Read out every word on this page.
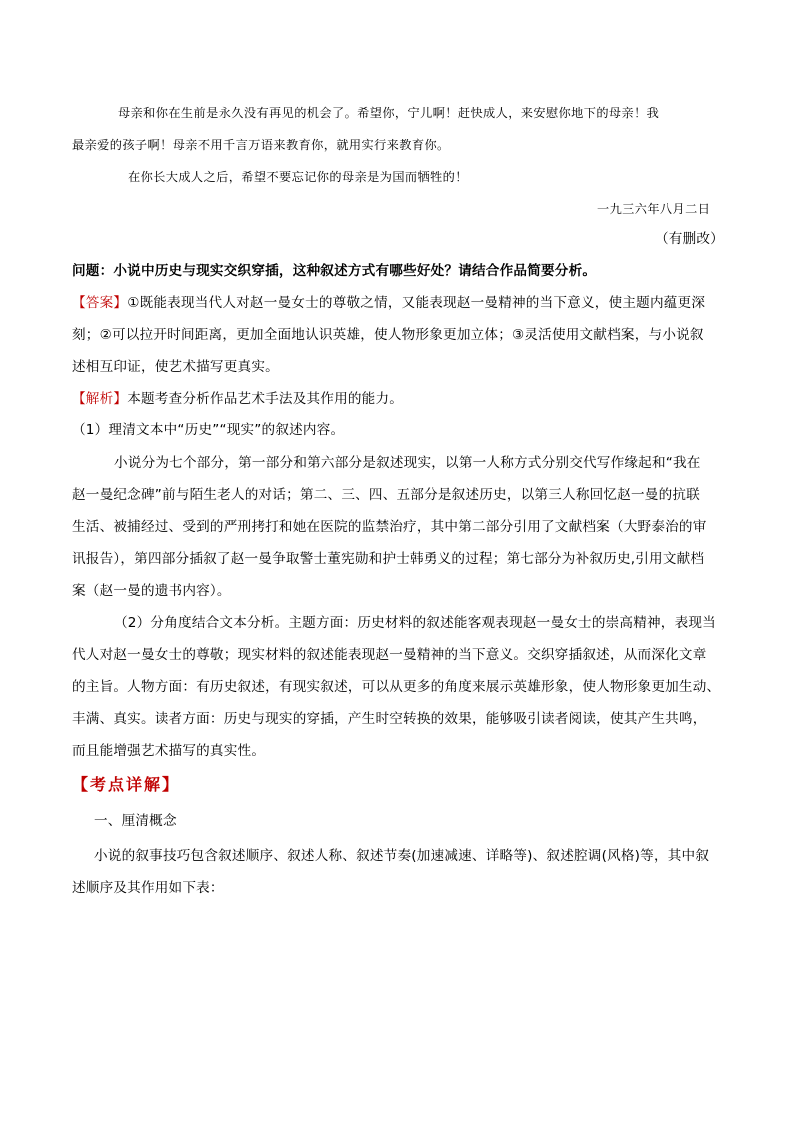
母亲和你在生前是永久没有再见的机会了。希望你，宁儿啊！赶快成人，来安慰你地下的母亲！我
最亲爱的孩子啊！母亲不用千言万语来教育你，就用实行来教育你。
在你长大成人之后，希望不要忘记你的母亲是为国而牺牲的！
一九三六年八月二日
（有删改）
问题：小说中历史与现实交织穿插，这种叙述方式有哪些好处？请结合作品简要分析。
【答案】①既能表现当代人对赵一曼女士的尊敬之情，又能表现赵一曼精神的当下意义，使主题内蕴更深
刻；②可以拉开时间距离，更加全面地认识英雄，使人物形象更加立体；③灵活使用文献档案，与小说叙
述相互印证，使艺术描写更真实。
【解析】本题考查分析作品艺术手法及其作用的能力。
（1）理清文本中“历史”“现实”的叙述内容。
小说分为七个部分，第一部分和第六部分是叙述现实，以第一人称方式分别交代写作缘起和“我在
赵一曼纪念碑”前与陌生老人的对话；第二、三、四、五部分是叙述历史，以第三人称回忆赵一曼的抗联
生活、被捕经过、受到的严刑拷打和她在医院的监禁治疗，其中第二部分引用了文献档案（大野泰治的审
讯报告），第四部分插叙了赵一曼争取警士董宪勋和护士韩勇义的过程；第七部分为补叙历史,引用文献档
案（赵一曼的遗书内容）。
（2）分角度结合文本分析。主题方面：历史材料的叙述能客观表现赵一曼女士的崇高精神，表现当
代人对赵一曼女士的尊敬；现实材料的叙述能表现赵一曼精神的当下意义。交织穿插叙述，从而深化文章
的主旨。人物方面：有历史叙述，有现实叙述，可以从更多的角度来展示英雄形象，使人物形象更加生动、
丰满、真实。读者方面：历史与现实的穿插，产生时空转换的效果，能够吸引读者阅读，使其产生共鸣，
而且能增强艺术描写的真实性。
【考点详解】
一、厘清概念
小说的叙事技巧包含叙述顺序、叙述人称、叙述节奏(加速减速、详略等)、叙述腔调(风格)等，其中叙
述顺序及其作用如下表：
